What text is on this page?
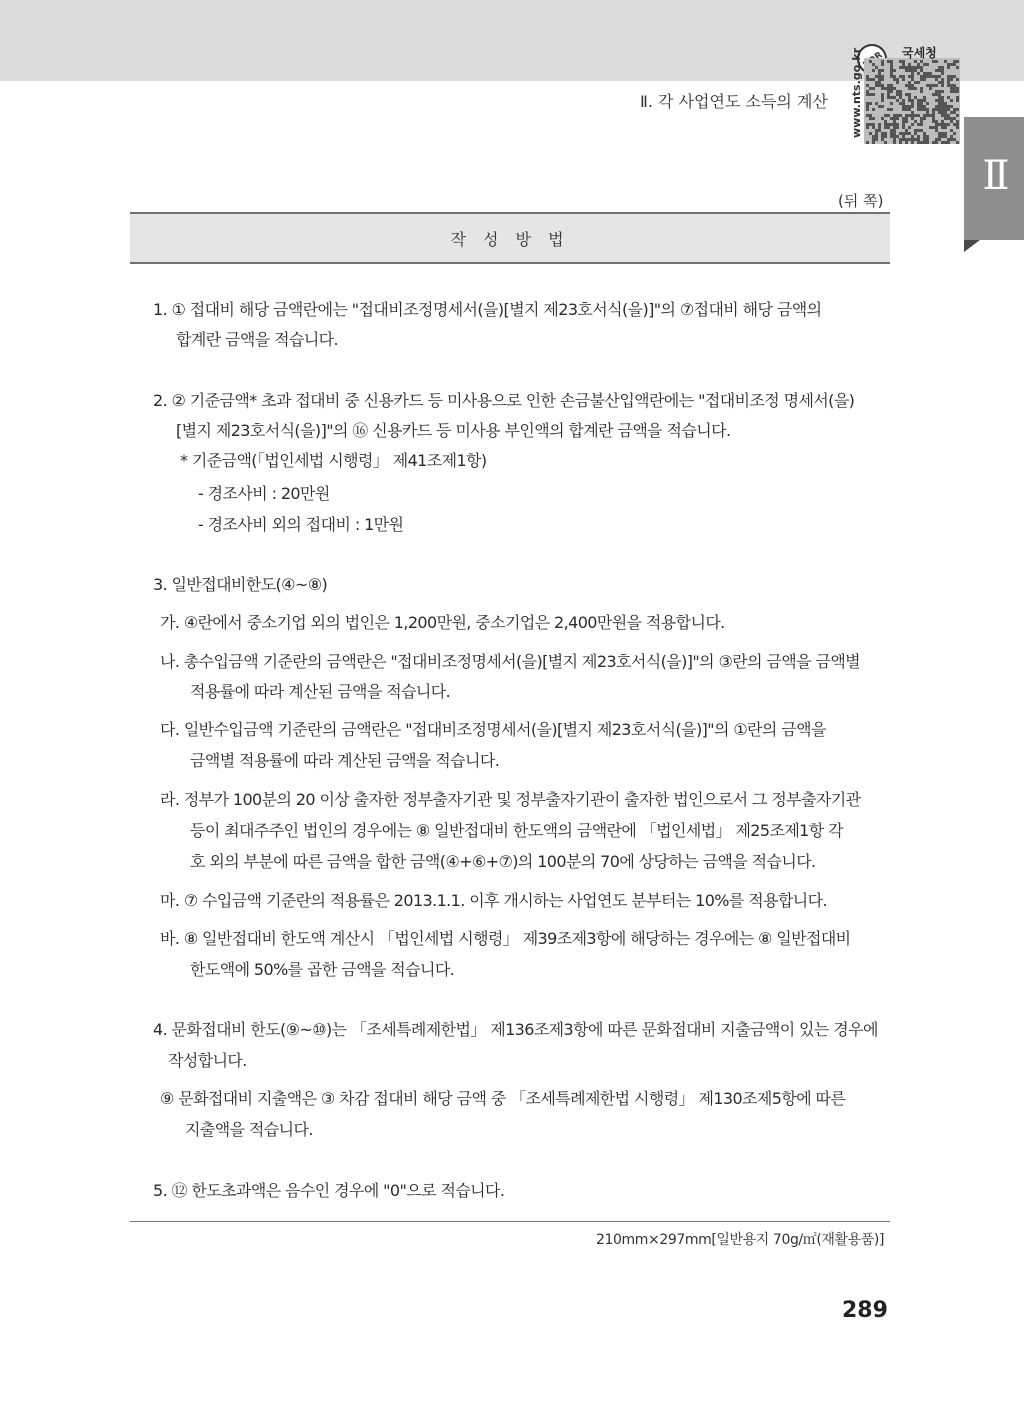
Ⅱ. 각 사업연도 소득의 계산
국세청
www.nts.go.kr
Ⅱ
(뒤 쪽)
작 성 방 법
1. ① 접대비 해당 금액란에는 "접대비조정명세서(을)[별지 제23호서식(을)]"의 ⑦접대비 해당 금액의
합계란 금액을 적습니다.
2. ② 기준금액* 초과 접대비 중 신용카드 등 미사용으로 인한 손금불산입액란에는 "접대비조정 명세서(을)
[별지 제23호서식(을)]"의 ⑯ 신용카드 등 미사용 부인액의 합계란 금액을 적습니다.
* 기준금액(「법인세법 시행령」 제41조제1항)
- 경조사비 : 20만원
- 경조사비 외의 접대비 : 1만원
3. 일반접대비한도(④~⑧)
가. ④란에서 중소기업 외의 법인은 1,200만원, 중소기업은 2,400만원을 적용합니다.
나. 총수입금액 기준란의 금액란은 "접대비조정명세서(을)[별지 제23호서식(을)]"의 ③란의 금액을 금액별
적용률에 따라 계산된 금액을 적습니다.
다. 일반수입금액 기준란의 금액란은 "접대비조정명세서(을)[별지 제23호서식(을)]"의 ①란의 금액을
금액별 적용률에 따라 계산된 금액을 적습니다.
라. 정부가 100분의 20 이상 출자한 정부출자기관 및 정부출자기관이 출자한 법인으로서 그 정부출자기관
등이 최대주주인 법인의 경우에는 ⑧ 일반접대비 한도액의 금액란에 「법인세법」 제25조제1항 각
호 외의 부분에 따른 금액을 합한 금액(④+⑥+⑦)의 100분의 70에 상당하는 금액을 적습니다.
마. ⑦ 수입금액 기준란의 적용률은 2013.1.1. 이후 개시하는 사업연도 분부터는 10%를 적용합니다.
바. ⑧ 일반접대비 한도액 계산시 「법인세법 시행령」 제39조제3항에 해당하는 경우에는 ⑧ 일반접대비
한도액에 50%를 곱한 금액을 적습니다.
4. 문화접대비 한도(⑨~⑩)는 「조세특례제한법」 제136조제3항에 따른 문화접대비 지출금액이 있는 경우에
작성합니다.
⑨ 문화접대비 지출액은 ③ 차감 접대비 해당 금액 중 「조세특례제한법 시행령」 제130조제5항에 따른
지출액을 적습니다.
5. ⑫ 한도초과액은 음수인 경우에 "0"으로 적습니다.
210mm×297mm[일반용지 70g/㎡(재활용품)]
289
